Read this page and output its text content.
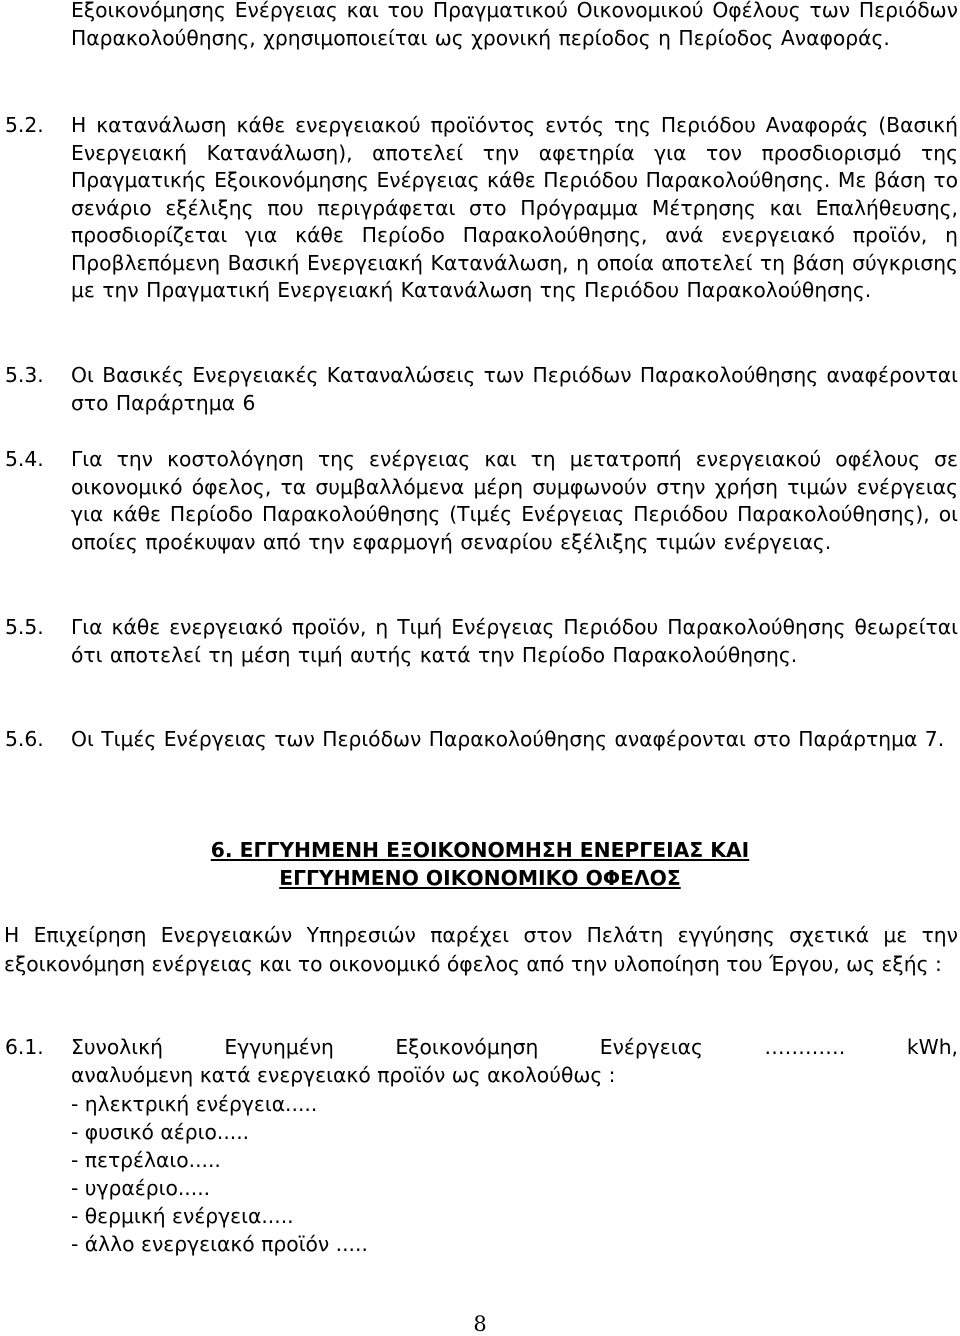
Εξοικονόμησης Ενέργειας και του Πραγματικού Οικονομικού Οφέλους των Περιόδων Παρακολούθησης, χρησιμοποιείται ως χρονική περίοδος η Περίοδος Αναφοράς.

5.2. Η κατανάλωση κάθε ενεργειακού προϊόντος εντός της Περιόδου Αναφοράς (Βασική Ενεργειακή Κατανάλωση), αποτελεί την αφετηρία για τον προσδιορισμό της Πραγματικής Εξοικονόμησης Ενέργειας κάθε Περιόδου Παρακολούθησης. Με βάση το σενάριο εξέλιξης που περιγράφεται στο Πρόγραμμα Μέτρησης και Επαλήθευσης, προσδιορίζεται για κάθε Περίοδο Παρακολούθησης, ανά ενεργειακό προϊόν, η Προβλεπόμενη Βασική Ενεργειακή Κατανάλωση, η οποία αποτελεί τη βάση σύγκρισης με την Πραγματική Ενεργειακή Κατανάλωση της Περιόδου Παρακολούθησης.
5.3. Οι Βασικές Ενεργειακές Καταναλώσεις των Περιόδων Παρακολούθησης αναφέρονται στο Παράρτημα 6
5.4. Για την κοστολόγηση της ενέργειας και τη μετατροπή ενεργειακού οφέλους σε οικονομικό όφελος, τα συμβαλλόμενα μέρη συμφωνούν στην χρήση τιμών ενέργειας για κάθε Περίοδο Παρακολούθησης (Τιμές Ενέργειας Περιόδου Παρακολούθησης), οι οποίες προέκυψαν από την εφαρμογή σεναρίου εξέλιξης τιμών ενέργειας.
5.5. Για κάθε ενεργειακό προϊόν, η Τιμή Ενέργειας Περιόδου Παρακολούθησης θεωρείται ότι αποτελεί τη μέση τιμή αυτής κατά την Περίοδο Παρακολούθησης.
5.6. Οι Τιμές Ενέργειας των Περιόδων Παρακολούθησης αναφέρονται στο Παράρτημα 7.
6. ΕΓΓΥΗΜΕΝΗ ΕΞΟΙΚΟΝΟΜΗΣΗ ΕΝΕΡΓΕΙΑΣ ΚΑΙ
ΕΓΓΥΗΜΕΝΟ ΟΙΚΟΝΟΜΙΚΟ ΟΦΕΛΟΣ

Η Επιχείρηση Ενεργειακών Υπηρεσιών παρέχει στον Πελάτη εγγύησης σχετικά με την εξοικονόμηση ενέργειας και το οικονομικό όφελος από την υλοποίηση του Έργου, ως εξής :

6.1. Συνολική	Εγγυημένη	Εξοικονόμηση	Ενέργειας	…………	kWh,
αναλυόμενη κατά ενεργειακό προϊόν ως ακολούθως :
- ηλεκτρική ενέργεια.....
- φυσικό αέριο.....
- πετρέλαιο.....
- υγραέριο.....
- θερμική ενέργεια.....
- άλλο ενεργειακό προϊόν .....
8
